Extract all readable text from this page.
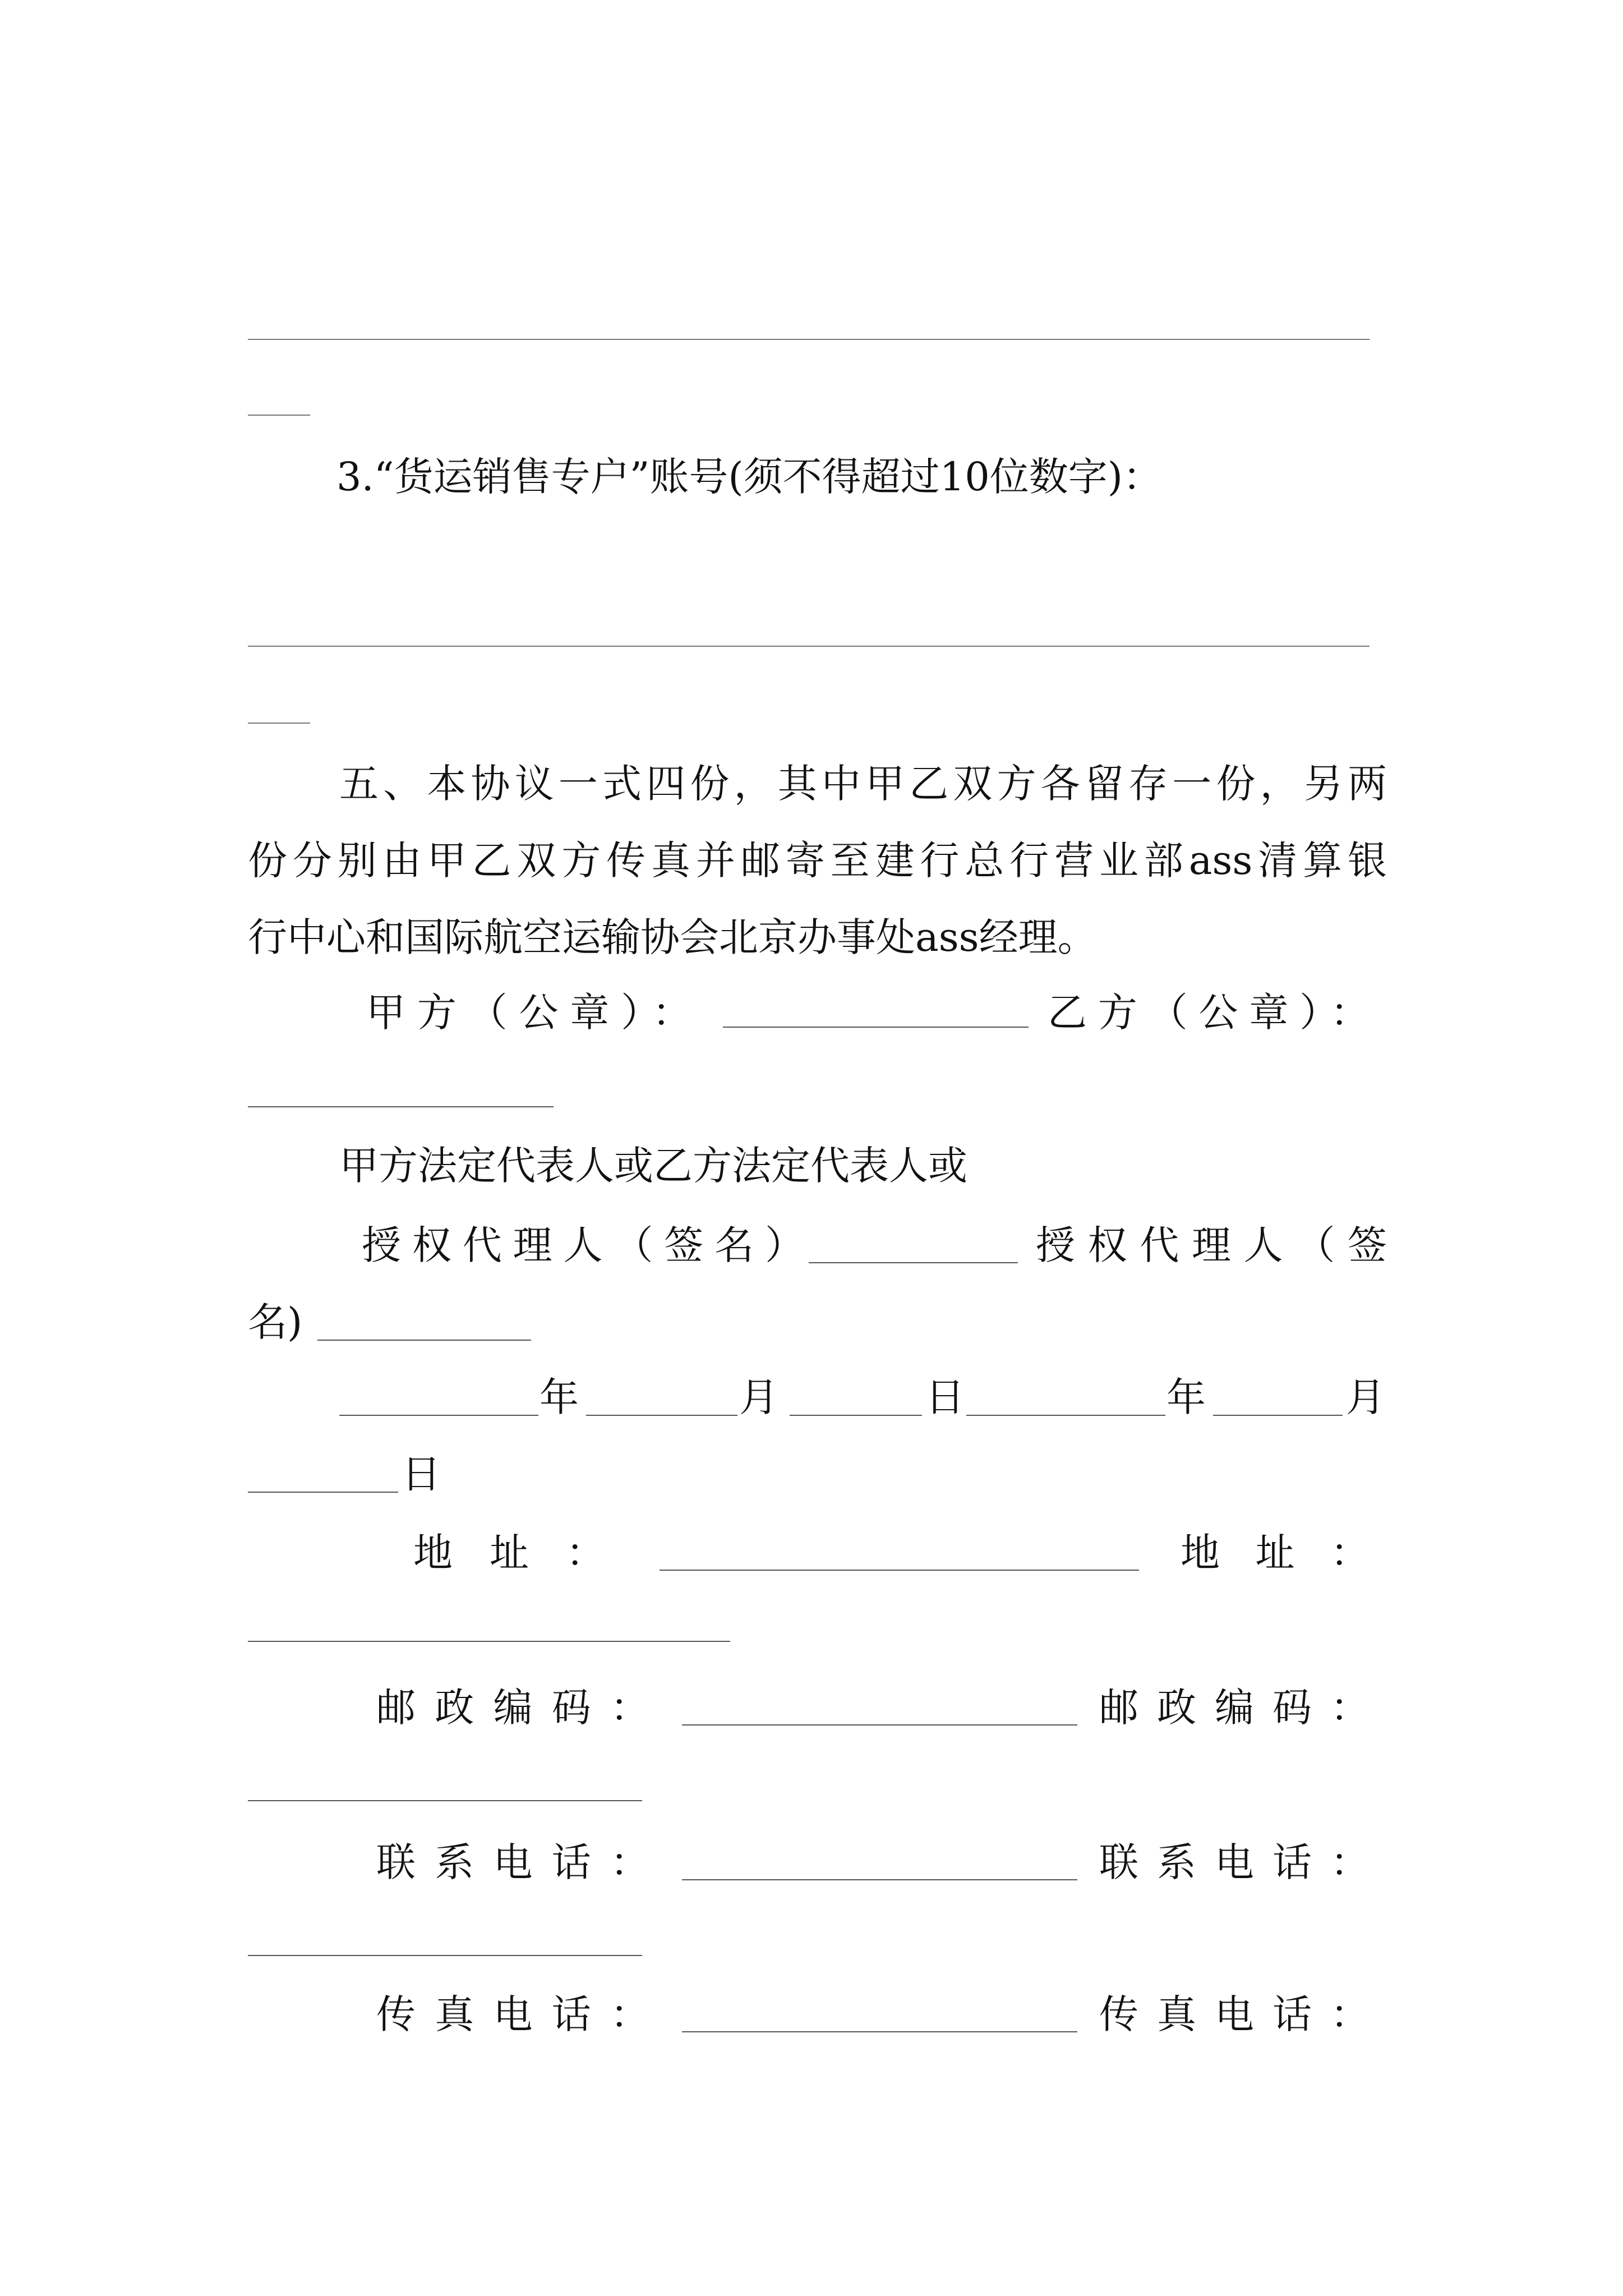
3.“货运销售专户”账号(须不得超过10位数字)：
五、本协议一式四份，其中甲乙双方各留存一份，另两
份分别由甲乙双方传真并邮寄至建行总行营业部ass清算银
行中心和国际航空运输协会北京办事处ass经理。
甲方（公章）：	乙方（公章）：
甲方法定代表人或乙方法定代表人或
授权代理人（签名）	授权代理人（签
名)
年	月	日	年	月
日
地址：	地址：
邮政编码：	邮政编码：
联系电话：	联系电话：
传真电话：	传真电话：
